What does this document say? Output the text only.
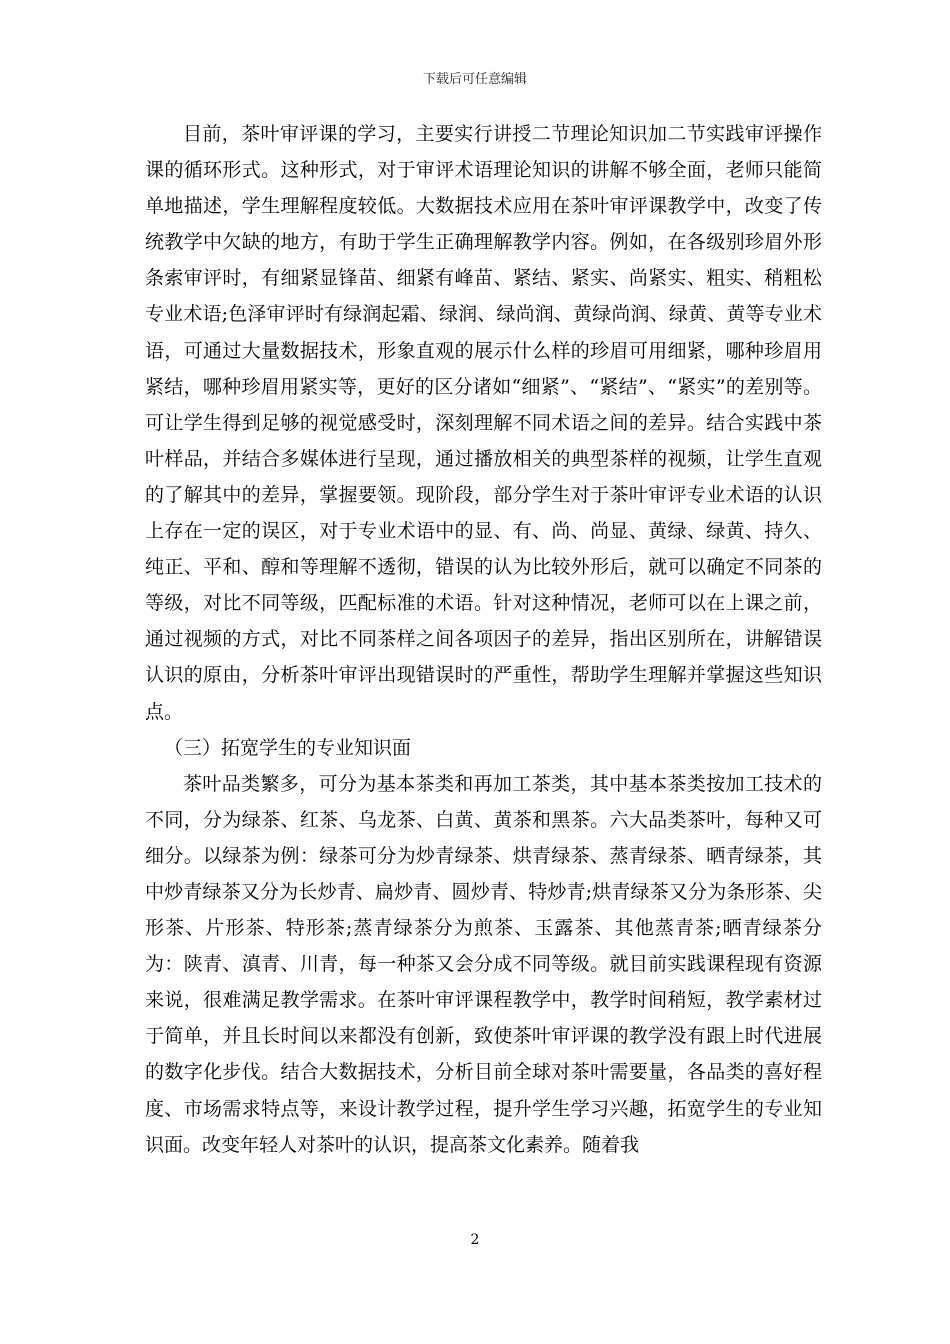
下载后可任意编辑

目前，茶叶审评课的学习，主要实行讲授二节理论知识加二节实践审评操作课的循环形式。这种形式，对于审评术语理论知识的讲解不够全面，老师只能简单地描述，学生理解程度较低。大数据技术应用在茶叶审评课教学中，改变了传统教学中欠缺的地方，有助于学生正确理解教学内容。例如，在各级别珍眉外形条索审评时，有细紧显锋苗、细紧有峰苗、紧结、紧实、尚紧实、粗实、稍粗松专业术语;色泽审评时有绿润起霜、绿润、绿尚润、黄绿尚润、绿黄、黄等专业术语，可通过大量数据技术，形象直观的展示什么样的珍眉可用细紧，哪种珍眉用紧结，哪种珍眉用紧实等，更好的区分诸如“细紧”、“紧结”、“紧实”的差别等。可让学生得到足够的视觉感受时，深刻理解不同术语之间的差异。结合实践中茶叶样品，并结合多媒体进行呈现，通过播放相关的典型茶样的视频，让学生直观的了解其中的差异，掌握要领。现阶段，部分学生对于茶叶审评专业术语的认识上存在一定的误区，对于专业术语中的显、有、尚、尚显、黄绿、绿黄、持久、纯正、平和、醇和等理解不透彻，错误的认为比较外形后，就可以确定不同茶的等级，对比不同等级，匹配标准的术语。针对这种情况，老师可以在上课之前，通过视频的方式，对比不同茶样之间各项因子的差异，指出区别所在，讲解错误认识的原由，分析茶叶审评出现错误时的严重性，帮助学生理解并掌握这些知识点。

（三）拓宽学生的专业知识面

茶叶品类繁多，可分为基本茶类和再加工茶类，其中基本茶类按加工技术的不同，分为绿茶、红茶、乌龙茶、白黄、黄茶和黑茶。六大品类茶叶，每种又可细分。以绿茶为例：绿茶可分为炒青绿茶、烘青绿茶、蒸青绿茶、晒青绿茶，其中炒青绿茶又分为长炒青、扁炒青、圆炒青、特炒青;烘青绿茶又分为条形茶、尖形茶、片形茶、特形茶;蒸青绿茶分为煎茶、玉露茶、其他蒸青茶;晒青绿茶分为：陕青、滇青、川青，每一种茶又会分成不同等级。就目前实践课程现有资源来说，很难满足教学需求。在茶叶审评课程教学中，教学时间稍短，教学素材过于简单，并且长时间以来都没有创新，致使茶叶审评课的教学没有跟上时代进展的数字化步伐。结合大数据技术，分析目前全球对茶叶需要量，各品类的喜好程度、市场需求特点等，来设计教学过程，提升学生学习兴趣，拓宽学生的专业知识面。改变年轻人对茶叶的认识，提高茶文化素养。随着我

2
